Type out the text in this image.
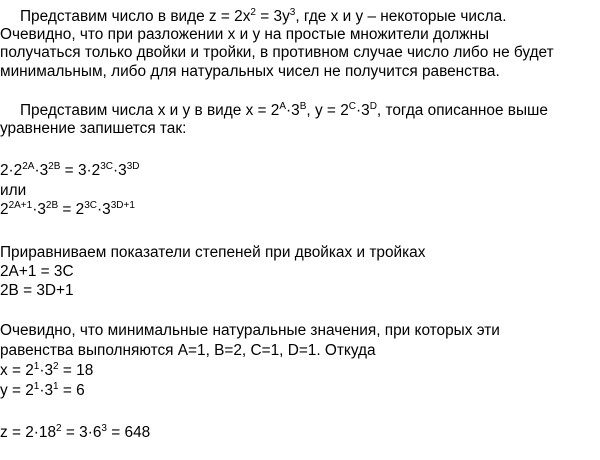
Представим число в виде $z = 2x^2 = 3y^3$, где x и y – некоторые числа.
Очевидно, что при разложении x и y на простые множители должны
получаться только двойки и тройки, в противном случае число либо не будет
минимальным, либо для натуральных чисел не получится равенства.
Представим числа x и y в виде $x = 2^A\cdot 3^B$, $y = 2^C\cdot 3^D$, тогда описанное выше
уравнение запишется так:
$2\cdot 2^{2A}\cdot 3^{2B} = 3\cdot 2^{3C}\cdot 3^{3D}$
или
$2^{2A+1}\cdot 3^{2B} = 2^{3C}\cdot 3^{3D+1}$
Приравниваем показатели степеней при двойках и тройках
2A+1 = 3C
2B = 3D+1
Очевидно, что минимальные натуральные значения, при которых эти
равенства выполняются A=1, B=2, C=1, D=1. Откуда
$x = 2^1\cdot 3^2 = 18$
$y = 2^1\cdot 3^1 = 6$
$z = 2\cdot 18^2 = 3\cdot 6^3 = 648$
